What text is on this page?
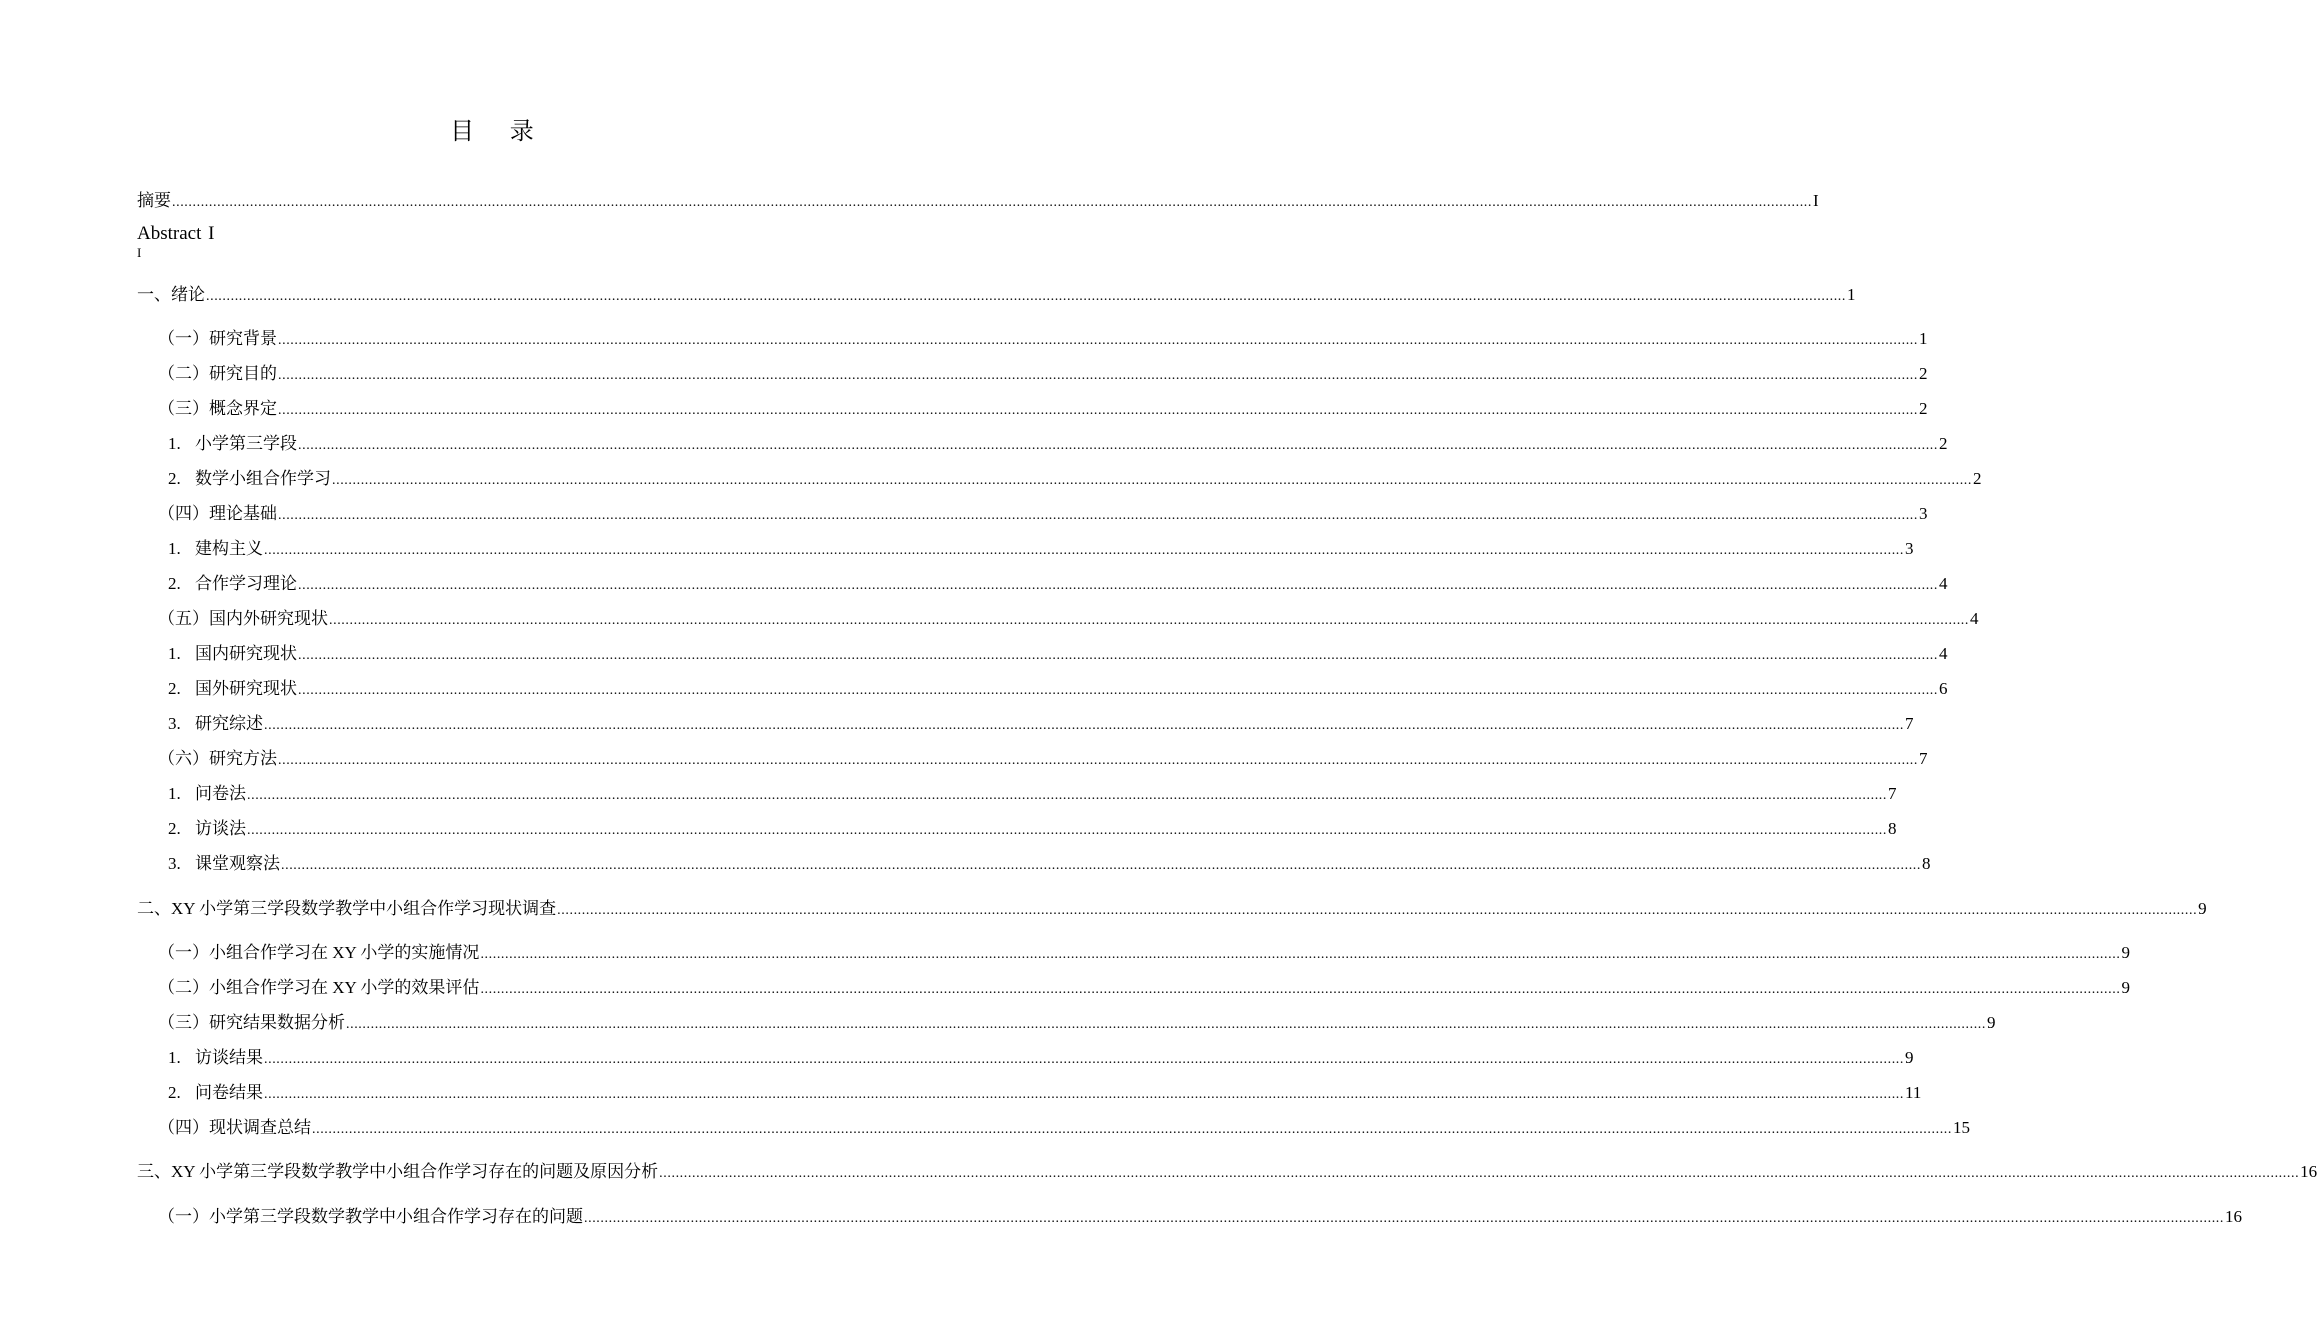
目 录
Abstract I
I
摘要 ................................................................................................................................................................................................................................................................................................................................................................................................................ I
一、绪论 ................................................................................................................................................................................................................................................................................................................................................................................................................ 1
（一）研究背景 ................................................................................................................................................................................................................................................................................................................................................................................................................ 1
（二）研究目的 ................................................................................................................................................................................................................................................................................................................................................................................................................ 2
（三）概念界定 ................................................................................................................................................................................................................................................................................................................................................................................................................ 2
1. 小学第三学段 ................................................................................................................................................................................................................................................................................................................................................................................................................ 2
2. 数学小组合作学习 ................................................................................................................................................................................................................................................................................................................................................................................................................ 2
（四）理论基础 ................................................................................................................................................................................................................................................................................................................................................................................................................ 3
1. 建构主义 ................................................................................................................................................................................................................................................................................................................................................................................................................ 3
2. 合作学习理论 ................................................................................................................................................................................................................................................................................................................................................................................................................ 4
（五）国内外研究现状 ................................................................................................................................................................................................................................................................................................................................................................................................................ 4
1. 国内研究现状 ................................................................................................................................................................................................................................................................................................................................................................................................................ 4
2. 国外研究现状 ................................................................................................................................................................................................................................................................................................................................................................................................................ 6
3. 研究综述 ................................................................................................................................................................................................................................................................................................................................................................................................................ 7
（六）研究方法 ................................................................................................................................................................................................................................................................................................................................................................................................................ 7
1. 问卷法 ................................................................................................................................................................................................................................................................................................................................................................................................................ 7
2. 访谈法 ................................................................................................................................................................................................................................................................................................................................................................................................................ 8
3. 课堂观察法 ................................................................................................................................................................................................................................................................................................................................................................................................................ 8
二、XY 小学第三学段数学教学中小组合作学习现状调查 ................................................................................................................................................................................................................................................................................................................................................................................................................ 9
（一）小组合作学习在 XY 小学的实施情况 ................................................................................................................................................................................................................................................................................................................................................................................................................ 9
（二）小组合作学习在 XY 小学的效果评估 ................................................................................................................................................................................................................................................................................................................................................................................................................ 9
（三）研究结果数据分析 ................................................................................................................................................................................................................................................................................................................................................................................................................ 9
1. 访谈结果 ................................................................................................................................................................................................................................................................................................................................................................................................................ 9
2. 问卷结果 ................................................................................................................................................................................................................................................................................................................................................................................................................ 11
（四）现状调查总结 ................................................................................................................................................................................................................................................................................................................................................................................................................ 15
三、XY 小学第三学段数学教学中小组合作学习存在的问题及原因分析 ................................................................................................................................................................................................................................................................................................................................................................................................................ 16
（一）小学第三学段数学教学中小组合作学习存在的问题 ................................................................................................................................................................................................................................................................................................................................................................................................................ 16
